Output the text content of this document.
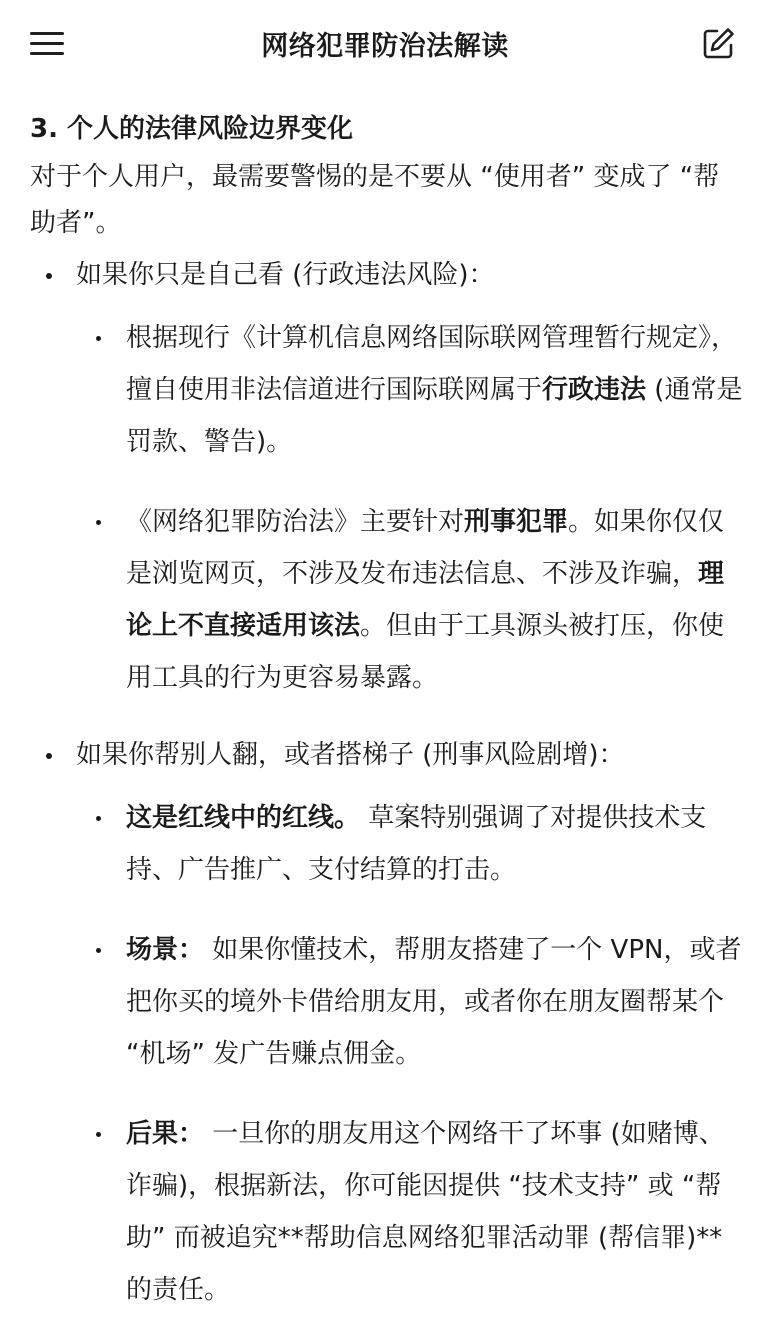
网络犯罪防治法解读
3. 个人的法律风险边界变化
对于个人用户，最需要警惕的是不要从 “使用者” 变成了 “帮助者”。
如果你只是自己看 (行政违法风险)：
根据现行《计算机信息网络国际联网管理暂行规定》，擅自使用非法信道进行国际联网属于行政违法 (通常是罚款、警告)。
《网络犯罪防治法》主要针对刑事犯罪。如果你仅仅是浏览网页，不涉及发布违法信息、不涉及诈骗，理论上不直接适用该法。但由于工具源头被打压，你使用工具的行为更容易暴露。
如果你帮别人翻，或者搭梯子 (刑事风险剧增)：
这是红线中的红线。 草案特别强调了对提供技术支持、广告推广、支付结算的打击。
场景： 如果你懂技术，帮朋友搭建了一个 VPN，或者把你买的境外卡借给朋友用，或者你在朋友圈帮某个 “机场” 发广告赚点佣金。
后果： 一旦你的朋友用这个网络干了坏事 (如赌博、诈骗)，根据新法，你可能因提供 “技术支持” 或 “帮助” 而被追究**帮助信息网络犯罪活动罪 (帮信罪)**的责任。
